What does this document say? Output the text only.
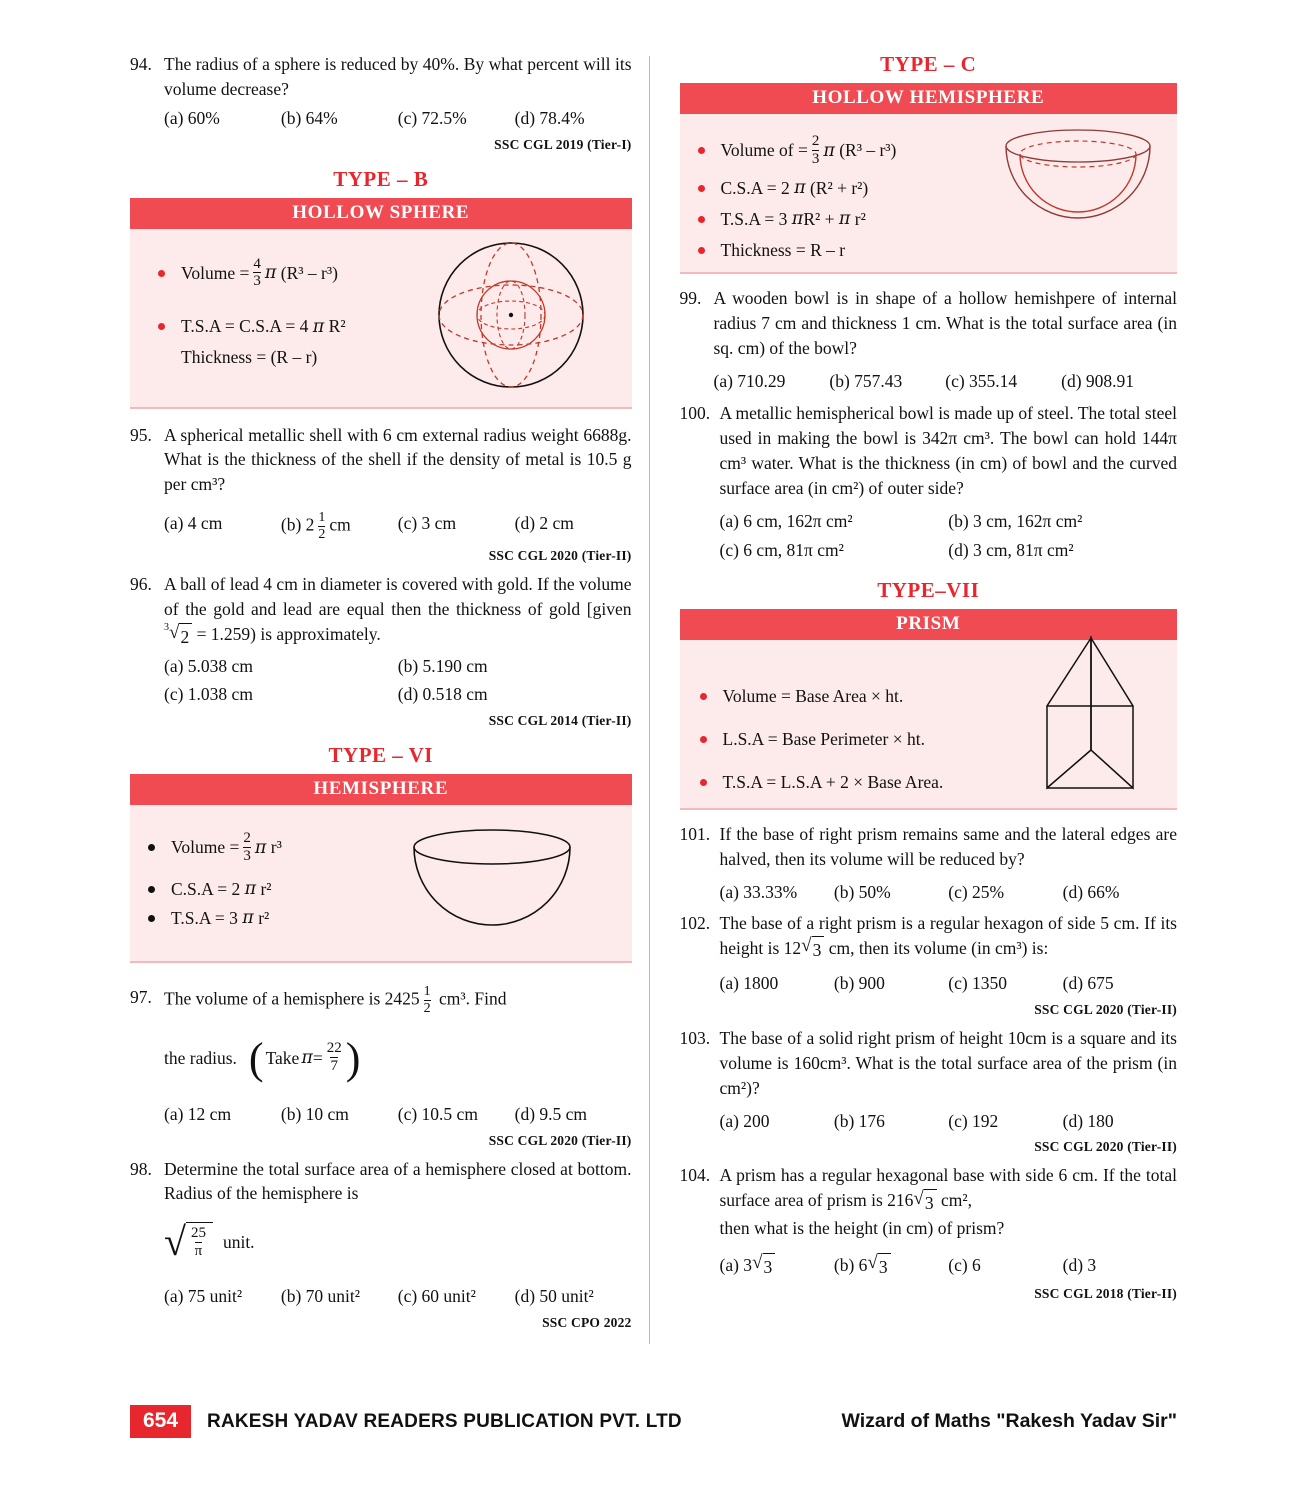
94. The radius of a sphere is reduced by 40%. By what percent will its volume decrease?
(a) 60%	(b) 64%	(c) 72.5%	(d) 78.4%
SSC CGL 2019 (Tier-I)
TYPE – B
HOLLOW SPHERE
Volume = $\frac{4}{3}$ π
(R³ – r³)
T.S.A = C.S.A = 4
π
R²
Thickness = (R – r)
95. A spherical metallic shell with 6 cm external radius weight 6688g. What is the thickness of the shell if the density of metal is 10.5 g per cm³?
(a) 4 cm	(b) $2 \frac{1}{2}$ cm	(c) 3 cm	(d) 2 cm
SSC CGL 2020 (Tier-II)
96. A ball of lead 4 cm in diameter is covered with gold. If the volume of the gold and lead are equal then the thickness of gold [given
$^3$ √ 2 = 1.259) is approximately.
(a) 5.038 cm	(b) 5.190 cm
(c) 1.038 cm	(d) 0.518 cm
SSC CGL 2014 (Tier-II)
TYPE – VI
HEMISPHERE
Volume = $\frac{2}{3}$ π
r³
C.S.A = 2
π
r²
T.S.A = 3
π
r²
97. The volume of a hemisphere is $2425 \frac{1}{2} cm^3$. Find
the radius. ( Take $\pi = \frac{22}{7}$ )
(a) 12 cm	(b) 10 cm	(c) 10.5 cm	(d) 9.5 cm
SSC CGL 2020 (Tier-II)
98. Determine the total surface area of a hemisphere closed at bottom. Radius of the hemisphere is
√ $\frac{25}{\pi}$ unit.
(a) 75 unit²	(b) 70 unit²	(c) 60 unit²	(d) 50 unit²
SSC CPO 2022
TYPE – C
HOLLOW HEMISPHERE
Volume of = $\frac{2}{3}$ π
(R³ – r³)
C.S.A = 2
π
(R² + r²)
T.S.A = 3
π R² +
π
r²
Thickness = R – r
99. A wooden bowl is in shape of a hollow hemishpere of internal radius 7 cm and thickness 1 cm. What is the total surface area (in sq. cm) of the bowl?
(a) 710.29	(b) 757.43	(c) 355.14	(d) 908.91
100. A metallic hemispherical bowl is made up of steel. The total steel used in making the bowl is 342π cm³. The bowl can hold 144π cm³ water. What is the thickness (in cm) of bowl and the curved surface area (in cm²) of outer side?
(a) 6 cm, 162π cm²	(b) 3 cm, 162π cm²
(c) 6 cm, 81π cm²	(d) 3 cm, 81π cm²
TYPE–VII
PRISM
Volume = Base Area × ht.
L.S.A = Base Perimeter × ht.
T.S.A = L.S.A + 2 × Base Area.
101. If the base of right prism remains same and the lateral edges are halved, then its volume will be reduced by?
(a) 33.33%	(b) 50%	(c) 25%	(d) 66%
102. The base of a right prism is a regular hexagon of side 5 cm. If its height is 12 √ 3 cm, then its volume (in cm³) is:
(a) 1800	(b) 900	(c) 1350	(d) 675
SSC CGL 2020 (Tier-II)
103. The base of a solid right prism of height 10cm is a square and its volume is 160cm³. What is the total surface area of the prism (in cm²)?
(a) 200	(b) 176	(c) 192	(d) 180
SSC CGL 2020 (Tier-II)
104. A prism has a regular hexagonal base with side 6 cm. If the total surface area of prism is 216 √ 3 cm²,
then what is the height (in cm) of prism?
(a) 3 √ 3	(b) 6 √ 3	(c) 6	(d) 3
SSC CGL 2018 (Tier-II)
654	RAKESH YADAV READERS PUBLICATION PVT. LTD	Wizard of Maths "Rakesh Yadav Sir"
